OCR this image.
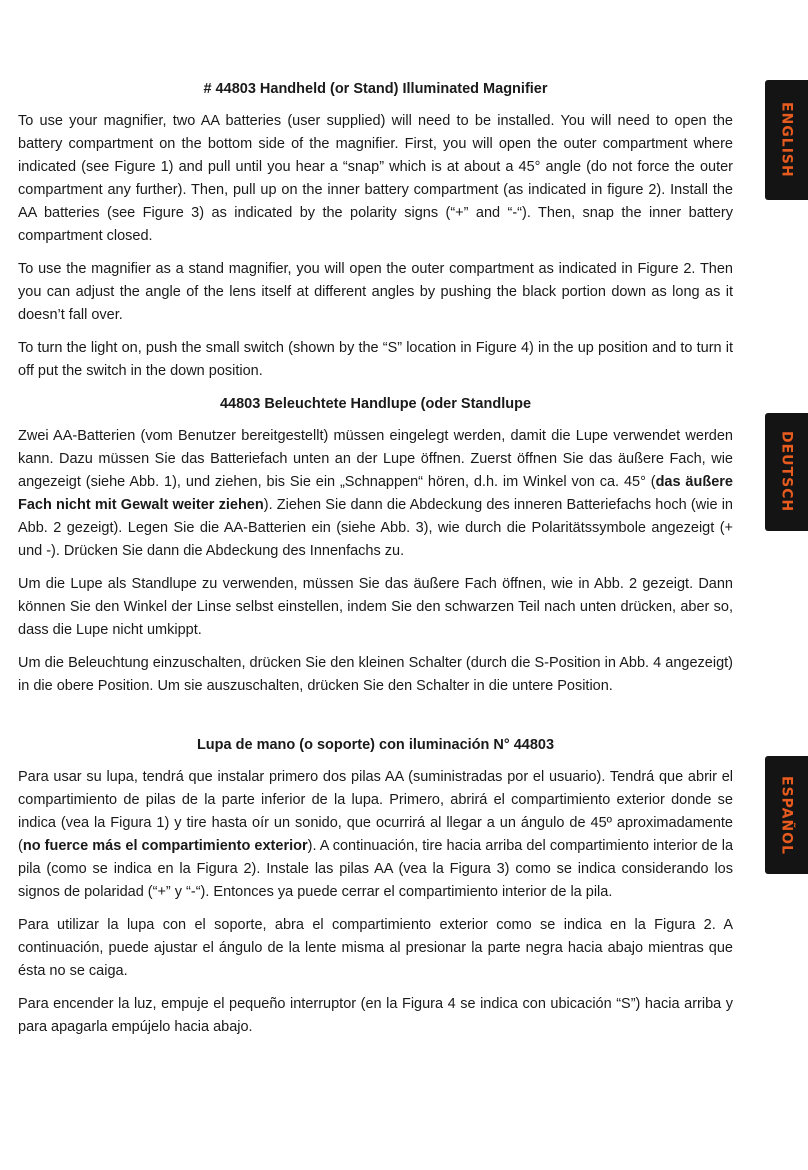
# 44803 Handheld (or Stand) Illuminated Magnifier

To use your magnifier, two AA batteries (user supplied) will need to be installed. You will need to open the battery compartment on the bottom side of the magnifier. First, you will open the outer compartment where indicated (see Figure 1) and pull until you hear a “snap” which is at about a 45° angle (do not force the outer compartment any further). Then, pull up on the inner battery compartment (as indicated in figure 2). Install the AA batteries (see Figure 3) as indicated by the polarity signs (“+” and “-“). Then, snap the inner battery compartment closed.

To use the magnifier as a stand magnifier, you will open the outer compartment as indicated in Figure 2. Then you can adjust the angle of the lens itself at different angles by pushing the black portion down as long as it doesn’t fall over.

To turn the light on, push the small switch (shown by the “S” location in Figure 4) in the up position and to turn it off put the switch in the down position.

44803 Beleuchtete Handlupe (oder Standlupe

Zwei AA-Batterien (vom Benutzer bereitgestellt) müssen eingelegt werden, damit die Lupe verwendet werden kann. Dazu müssen Sie das Batteriefach unten an der Lupe öffnen. Zuerst öffnen Sie das äußere Fach, wie angezeigt (siehe Abb. 1), und ziehen, bis Sie ein „Schnappen“ hören, d.h. im Winkel von ca. 45° (das äußere Fach nicht mit Gewalt weiter ziehen). Ziehen Sie dann die Abdeckung des inneren Batteriefachs hoch (wie in Abb. 2 gezeigt). Legen Sie die AA-Batterien ein (siehe Abb. 3), wie durch die Polaritätssymbole angezeigt (+ und -). Drücken Sie dann die Abdeckung des Innenfachs zu.

Um die Lupe als Standlupe zu verwenden, müssen Sie das äußere Fach öffnen, wie in Abb. 2 gezeigt. Dann können Sie den Winkel der Linse selbst einstellen, indem Sie den schwarzen Teil nach unten drücken, aber so, dass die Lupe nicht umkippt.

Um die Beleuchtung einzuschalten, drücken Sie den kleinen Schalter (durch die S-Position in Abb. 4 angezeigt) in die obere Position. Um sie auszuschalten, drücken Sie den Schalter in die untere Position.

Lupa de mano (o soporte) con iluminación N° 44803

Para usar su lupa, tendrá que instalar primero dos pilas AA (suministradas por el usuario). Tendrá que abrir el compartimiento de pilas de la parte inferior de la lupa. Primero, abrirá el compartimiento exterior donde se indica (vea la Figura 1) y tire hasta oír un sonido, que ocurrirá al llegar a un ángulo de 45º aproximadamente (no fuerce más el compartimiento exterior). A continuación, tire hacia arriba del compartimiento interior de la pila (como se indica en la Figura 2). Instale las pilas AA (vea la Figura 3) como se indica considerando los signos de polaridad (“+” y “-“). Entonces ya puede cerrar el compartimiento interior de la pila.

Para utilizar la lupa con el soporte, abra el compartimiento exterior como se indica en la Figura 2. A continuación, puede ajustar el ángulo de la lente misma al presionar la parte negra hacia abajo mientras que ésta no se caiga.

Para encender la luz, empuje el pequeño interruptor (en la Figura 4 se indica con ubicación “S”) hacia arriba y para apagarla empújelo hacia abajo.

ENGLISH
DEUTSCH
ESPAÑOL
